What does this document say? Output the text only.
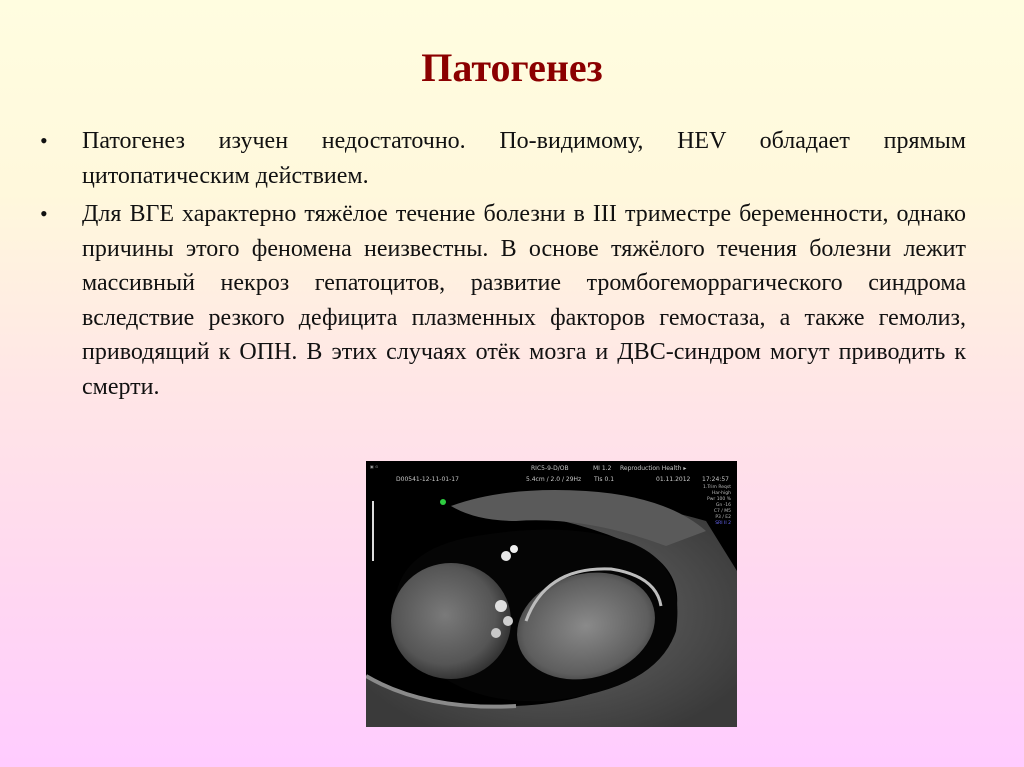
Патогенез
• Патогенез изучен недостаточно. По-видимому, HEV обладает прямым цитопатическим действием.
• Для ВГЕ характерно тяжёлое течение болезни в III триместре беременности, однако причины этого феномена неизвестны. В основе тяжёлого течения болезни лежит массивный некроз гепатоцитов, развитие тромбогеморрагического синдрома вследствие резкого дефицита плазменных факторов гемостаза, а также гемолиз, приводящий к ОПН. В этих случаях отёк мозга и ДВС-синдром могут приводить к смерти.
▣ ⊙
D00541-12-11-01-17
RIC5-9-D/OB	MI 1.2 Reproduction Health ▸
5.4cm / 2.0 / 29Hz TIs 0.1	01.11.2012 17:24:57
1.Trim Reqst
Har-high
Pwr 100 %
Gn -16
C7 / M5
P3 / E2
SRI II 2
